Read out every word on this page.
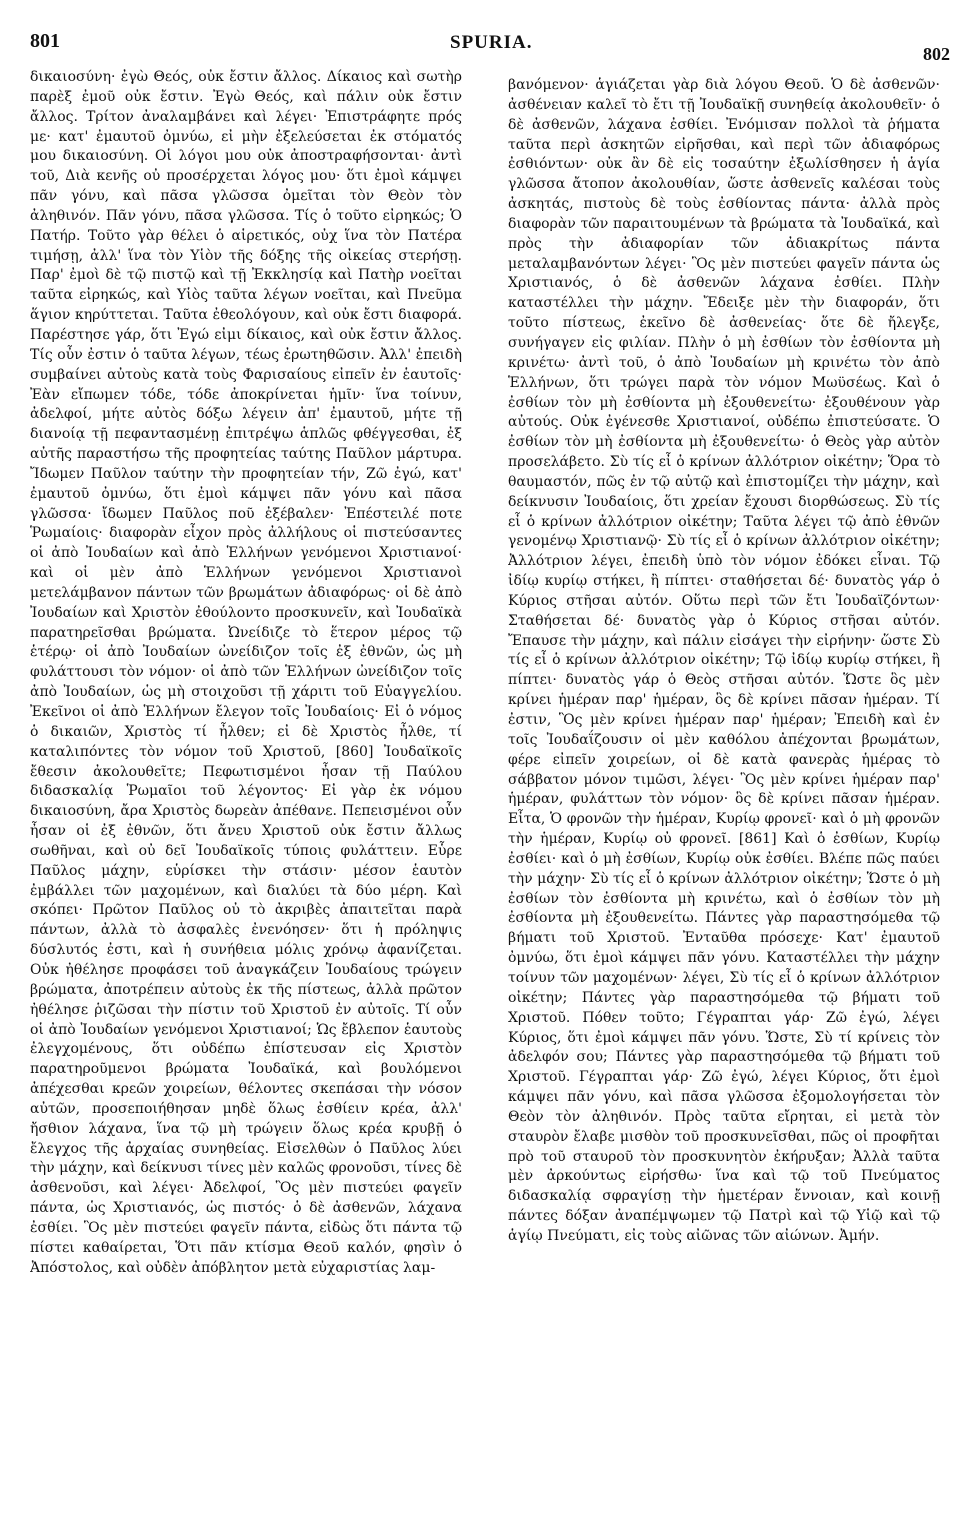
801	SPURIA.
802

δικαιοσύνη· ἐγὼ Θεός, οὐκ ἔστιν ἄλλος. Δίκαιος καὶ σωτὴρ παρὲξ ἐμοῦ οὐκ ἔστιν. Ἐγὼ Θεός, καὶ πάλιν οὐκ ἔστιν ἄλλος. Τρίτον ἀναλαμβάνει καὶ λέγει· Ἐπιστράφητε πρός με· κατ' ἐμαυτοῦ ὀμνύω, εἰ μὴν ἐξελεύσεται ἐκ στόματός μου δικαιοσύνη. Οἱ λόγοι μου οὐκ ἀποστραφήσονται· ἀντὶ τοῦ, Διὰ κενῆς οὐ προσέρχεται λόγος μου· ὅτι ἐμοὶ κάμψει πᾶν γόνυ, καὶ πᾶσα γλῶσσα ὀμεῖται τὸν Θεὸν τὸν ἀληθινόν. Πᾶν γόνυ, πᾶσα γλῶσσα. Τίς ὁ τοῦτο εἰρηκώς; Ὁ Πατήρ. Τοῦτο γὰρ θέλει ὁ αἱρετικός, οὐχ ἵνα τὸν Πατέρα τιμήσῃ, ἀλλ' ἵνα τὸν Υἱὸν τῆς δόξης τῆς οἰκείας στερήσῃ. Παρ' ἐμοὶ δὲ τῷ πιστῷ καὶ τῇ Ἐκκλησίᾳ καὶ Πατὴρ νοεῖται ταῦτα εἰρηκώς, καὶ Υἱὸς ταῦτα λέγων νοεῖται, καὶ Πνεῦμα ἅγιον κηρύττεται. Ταῦτα ἐθεολόγουν, καὶ οὐκ ἔστι διαφορά. Παρέστησε γάρ, ὅτι Ἐγώ εἰμι δίκαιος, καὶ οὐκ ἔστιν ἄλλος. Τίς οὖν ἐστιν ὁ ταῦτα λέγων, τέως ἐρωτηθῶσιν. Ἀλλ' ἐπειδὴ συμβαίνει αὐτοὺς κατὰ τοὺς Φαρισαίους εἰπεῖν ἐν ἑαυτοῖς· Ἐὰν εἴπωμεν τόδε, τόδε ἀποκρίνεται ἡμῖν· ἵνα τοίνυν, ἀδελφοί, μήτε αὐτὸς δόξω λέγειν ἀπ' ἐμαυτοῦ, μήτε τῇ διανοίᾳ τῇ πεφαντασμένῃ ἐπιτρέψω ἁπλῶς φθέγγεσθαι, ἐξ αὐτῆς παραστήσω τῆς προφητείας ταύτης Παῦλον μάρτυρα. Ἴδωμεν Παῦλον ταύτην τὴν προφητείαν τήν, Ζῶ ἐγώ, κατ' ἐμαυτοῦ ὀμνύω, ὅτι ἐμοὶ κάμψει πᾶν γόνυ καὶ πᾶσα γλῶσσα· ἴδωμεν Παῦλος ποῦ ἐξέβαλεν· Ἐπέστειλέ ποτε Ῥωμαίοις· διαφορὰν εἶχον πρὸς ἀλλήλους οἱ πιστεύσαντες οἱ ἀπὸ Ἰουδαίων καὶ ἀπὸ Ἑλλήνων γενόμενοι Χριστιανοί· καὶ οἱ μὲν ἀπὸ Ἑλλήνων γενόμενοι Χριστιανοὶ μετελάμβανον πάντων τῶν βρωμάτων ἀδιαφόρως· οἱ δὲ ἀπὸ Ἰουδαίων καὶ Χριστὸν ἐθούλοντο προσκυνεῖν, καὶ Ἰουδαϊκὰ παρατηρεῖσθαι βρώματα. Ὠνείδιζε τὸ ἕτερον μέρος τῷ ἑτέρῳ· οἱ ἀπὸ Ἰουδαίων ὠνείδιζον τοῖς ἐξ ἐθνῶν, ὡς μὴ φυλάττουσι τὸν νόμον· οἱ ἀπὸ τῶν Ἑλλήνων ὠνείδιζον τοῖς ἀπὸ Ἰουδαίων, ὡς μὴ στοιχοῦσι τῇ χάριτι τοῦ Εὐαγγελίου. Ἐκεῖνοι οἱ ἀπὸ Ἑλλήνων ἔλεγον τοῖς Ἰουδαίοις· Εἰ ὁ νόμος ὁ δικαιῶν, Χριστὸς τί ἦλθεν; εἰ δὲ Χριστὸς ἦλθε, τί καταλιπόντες τὸν νόμον τοῦ Χριστοῦ, [860] Ἰουδαϊκοῖς ἔθεσιν ἀκολουθεῖτε; Πεφωτισμένοι ἦσαν τῇ Παύλου διδασκαλίᾳ Ῥωμαῖοι τοῦ λέγοντος· Εἰ γὰρ ἐκ νόμου δικαιοσύνη, ἄρα Χριστὸς δωρεὰν ἀπέθανε. Πεπεισμένοι οὖν ἦσαν οἱ ἐξ ἐθνῶν, ὅτι ἄνευ Χριστοῦ οὐκ ἔστιν ἄλλως σωθῆναι, καὶ οὐ δεῖ Ἰουδαϊκοῖς τύποις φυλάττειν. Εὗρε Παῦλος μάχην, εὑρίσκει τὴν στάσιν· μέσον ἑαυτὸν ἐμβάλλει τῶν μαχομένων, καὶ διαλύει τὰ δύο μέρη. Καὶ σκόπει· Πρῶτον Παῦλος οὐ τὸ ἀκριβὲς ἀπαιτεῖται παρὰ πάντων, ἀλλὰ τὸ ἀσφαλὲς ἐνενόησεν· ὅτι ἡ πρόληψις δύσλυτός ἐστι, καὶ ἡ συνήθεια μόλις χρόνῳ ἀφανίζεται. Οὐκ ἠθέλησε προφάσει τοῦ ἀναγκάζειν Ἰουδαίους τρώγειν βρώματα, ἀποτρέπειν αὐτοὺς ἐκ τῆς πίστεως, ἀλλὰ πρῶτον ἠθέλησε ῥιζῶσαι τὴν πίστιν τοῦ Χριστοῦ ἐν αὐτοῖς. Τί οὖν οἱ ἀπὸ Ἰουδαίων γενόμενοι Χριστιανοί; Ὡς ἔβλεπον ἑαυτοὺς ἐλεγχομένους, ὅτι οὐδέπω ἐπίστευσαν εἰς Χριστὸν παρατηροῦμενοι βρώματα Ἰουδαϊκά, καὶ βουλόμενοι ἀπέχεσθαι κρεῶν χοιρείων, θέλοντες σκεπάσαι τὴν νόσον αὐτῶν, προσεποιήθησαν μηδὲ ὅλως ἐσθίειν κρέα, ἀλλ' ἤσθιον λάχανα, ἵνα τῷ μὴ τρώγειν ὅλως κρέα κρυβῇ ὁ ἔλεγχος τῆς ἀρχαίας συνηθείας. Εἰσελθὼν ὁ Παῦλος λύει τὴν μάχην, καὶ δείκνυσι τίνες μὲν καλῶς φρονοῦσι, τίνες δὲ ἀσθενοῦσι, καὶ λέγει· Ἀδελφοί, Ὃς μὲν πιστεύει φαγεῖν πάντα, ὡς Χριστιανός, ὡς πιστός· ὁ δὲ ἀσθενῶν, λάχανα ἐσθίει. Ὃς μὲν πιστεύει φαγεῖν πάντα, εἰδὼς ὅτι πάντα τῷ πίστει καθαίρεται, Ὅτι πᾶν κτίσμα Θεοῦ καλόν, φησὶν ὁ Ἀπόστολος, καὶ οὐδὲν ἀπόβλητον μετὰ εὐχαριστίας λαμ-

βανόμενον· ἁγιάζεται γὰρ διὰ λόγου Θεοῦ. Ὁ δὲ ἀσθενῶν· ἀσθένειαν καλεῖ τὸ ἔτι τῇ Ἰουδαϊκῇ συνηθείᾳ ἀκολουθεῖν· ὁ δὲ ἀσθενῶν, λάχανα ἐσθίει. Ἐνόμισαν πολλοὶ τὰ ῥήματα ταῦτα περὶ ἀσκητῶν εἰρῆσθαι, καὶ περὶ τῶν ἀδιαφόρως ἐσθιόντων· οὐκ ἂν δὲ εἰς τοσαύτην ἐξωλίσθησεν ἡ ἁγία γλῶσσα ἄτοπον ἀκολουθίαν, ὥστε ἀσθενεῖς καλέσαι τοὺς ἀσκητάς, πιστοὺς δὲ τοὺς ἐσθίοντας πάντα· ἀλλὰ πρὸς διαφορὰν τῶν παραιτουμένων τὰ βρώματα τὰ Ἰουδαϊκά, καὶ πρὸς τὴν ἀδιαφορίαν τῶν ἀδιακρίτως πάντα μεταλαμβανόντων λέγει· Ὃς μὲν πιστεύει φαγεῖν πάντα ὡς Χριστιανός, ὁ δὲ ἀσθενῶν λάχανα ἐσθίει. Πλὴν καταστέλλει τὴν μάχην. Ἔδειξε μὲν τὴν διαφοράν, ὅτι τοῦτο πίστεως, ἐκεῖνο δὲ ἀσθενείας· ὅτε δὲ ἤλεγξε, συνήγαγεν εἰς φιλίαν. Πλὴν ὁ μὴ ἐσθίων τὸν ἐσθίοντα μὴ κρινέτω· ἀντὶ τοῦ, ὁ ἀπὸ Ἰουδαίων μὴ κρινέτω τὸν ἀπὸ Ἑλλήνων, ὅτι τρώγει παρὰ τὸν νόμον Μωϋσέως. Καὶ ὁ ἐσθίων τὸν μὴ ἐσθίοντα μὴ ἐξουθενείτω· ἐξουθένουν γὰρ αὐτούς. Οὐκ ἐγένεσθε Χριστιανοί, οὐδέπω ἐπιστεύσατε. Ὁ ἐσθίων τὸν μὴ ἐσθίοντα μὴ ἐξουθενείτω· ὁ Θεὸς γὰρ αὐτὸν προσελάβετο. Σὺ τίς εἶ ὁ κρίνων ἀλλότριον οἰκέτην; Ὅρα τὸ θαυμαστόν, πῶς ἐν τῷ αὐτῷ καὶ ἐπιστομίζει τὴν μάχην, καὶ δείκνυσιν Ἰουδαίοις, ὅτι χρείαν ἔχουσι διορθώσεως. Σὺ τίς εἶ ὁ κρίνων ἀλλότριον οἰκέτην; Ταῦτα λέγει τῷ ἀπὸ ἐθνῶν γενομένῳ Χριστιανῷ· Σὺ τίς εἶ ὁ κρίνων ἀλλότριον οἰκέτην; Ἀλλότριον λέγει, ἐπειδὴ ὑπὸ τὸν νόμον ἐδόκει εἶναι. Τῷ ἰδίῳ κυρίῳ στήκει, ἢ πίπτει· σταθήσεται δέ· δυνατὸς γάρ ὁ Κύριος στῆσαι αὐτόν. Οὕτω περὶ τῶν ἔτι Ἰουδαϊζόντων· Σταθήσεται δέ· δυνατὸς γὰρ ὁ Κύριος στῆσαι αὐτόν. Ἔπαυσε τὴν μάχην, καὶ πάλιν εἰσάγει τὴν εἰρήνην· ὥστε Σὺ τίς εἶ ὁ κρίνων ἀλλότριον οἰκέτην; Τῷ ἰδίῳ κυρίῳ στήκει, ἢ πίπτει· δυνατὸς γάρ ὁ Θεὸς στῆσαι αὐτόν. Ὥστε ὃς μὲν κρίνει ἡμέραν παρ' ἡμέραν, ὃς δὲ κρίνει πᾶσαν ἡμέραν. Τί ἐστιν, Ὃς μὲν κρίνει ἡμέραν παρ' ἡμέραν; Ἐπειδὴ καὶ ἐν τοῖς Ἰουδαΐζουσιν οἱ μὲν καθόλου ἀπέχονται βρωμάτων, φέρε εἰπεῖν χοιρείων, οἱ δὲ κατὰ φανερὰς ἡμέρας τὸ σάββατον μόνον τιμῶσι, λέγει· Ὃς μὲν κρίνει ἡμέραν παρ' ἡμέραν, φυλάττων τὸν νόμον· ὃς δὲ κρίνει πᾶσαν ἡμέραν. Εἶτα, Ὁ φρονῶν τὴν ἡμέραν, Κυρίῳ φρονεῖ· καὶ ὁ μὴ φρονῶν τὴν ἡμέραν, Κυρίῳ οὐ φρονεῖ. [861] Καὶ ὁ ἐσθίων, Κυρίῳ ἐσθίει· καὶ ὁ μὴ ἐσθίων, Κυρίῳ οὐκ ἐσθίει. Βλέπε πῶς παύει τὴν μάχην· Σὺ τίς εἶ ὁ κρίνων ἀλλότριον οἰκέτην; Ὥστε ὁ μὴ ἐσθίων τὸν ἐσθίοντα μὴ κρινέτω, καὶ ὁ ἐσθίων τὸν μὴ ἐσθίοντα μὴ ἐξουθενείτω. Πάντες γὰρ παραστησόμεθα τῷ βήματι τοῦ Χριστοῦ. Ἐνταῦθα πρόσεχε· Κατ' ἐμαυτοῦ ὀμνύω, ὅτι ἐμοὶ κάμψει πᾶν γόνυ. Καταστέλλει τὴν μάχην τοίνυν τῶν μαχομένων· λέγει, Σὺ τίς εἶ ὁ κρίνων ἀλλότριον οἰκέτην; Πάντες γὰρ παραστησόμεθα τῷ βήματι τοῦ Χριστοῦ. Πόθεν τοῦτο; Γέγραπται γάρ· Ζῶ ἐγώ, λέγει Κύριος, ὅτι ἐμοὶ κάμψει πᾶν γόνυ. Ὥστε, Σὺ τί κρίνεις τὸν ἀδελφόν σου; Πάντες γὰρ παραστησόμεθα τῷ βήματι τοῦ Χριστοῦ. Γέγραπται γάρ· Ζῶ ἐγώ, λέγει Κύριος, ὅτι ἐμοὶ κάμψει πᾶν γόνυ, καὶ πᾶσα γλῶσσα ἐξομολογήσεται τὸν Θεὸν τὸν ἀληθινόν. Πρὸς ταῦτα εἴρηται, εἰ μετὰ τὸν σταυρὸν ἔλαβε μισθὸν τοῦ προσκυνεῖσθαι, πῶς οἱ προφῆται πρὸ τοῦ σταυροῦ τὸν προσκυνητὸν ἐκήρυξαν; Ἀλλὰ ταῦτα μὲν ἀρκούντως εἰρήσθω· ἵνα καὶ τῷ τοῦ Πνεύματος διδασκαλίᾳ σφραγίσῃ τὴν ἡμετέραν ἔννοιαν, καὶ κοινῇ πάντες δόξαν ἀναπέμψωμεν τῷ Πατρὶ καὶ τῷ Υἱῷ καὶ τῷ ἁγίῳ Πνεύματι, εἰς τοὺς αἰῶνας τῶν αἰώνων. Ἀμήν.
